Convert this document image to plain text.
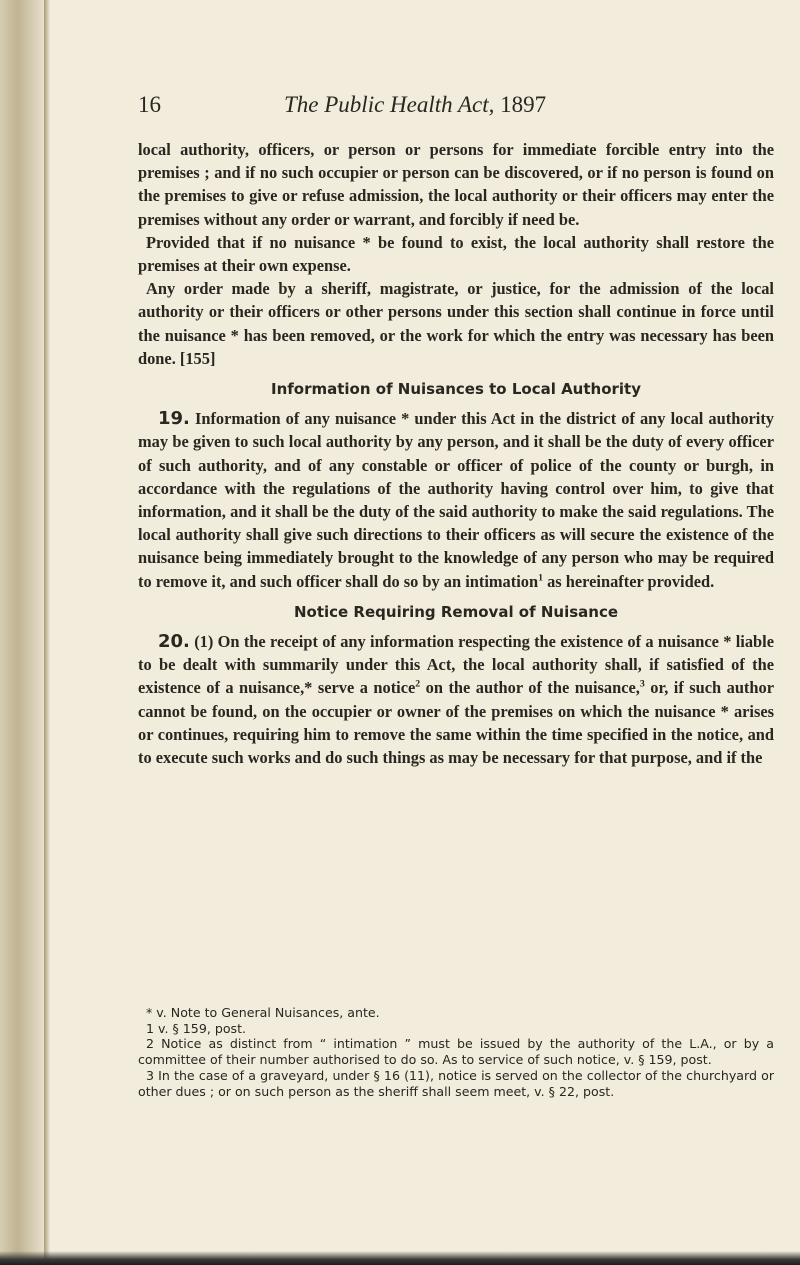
16	The Public Health Act, 1897

local authority, officers, or person or persons for immediate forcible entry into the premises ; and if no such occupier or person can be discovered, or if no person is found on the premises to give or refuse admission, the local authority or their officers may enter the premises without any order or warrant, and forcibly if need be.

Provided that if no nuisance * be found to exist, the local authority shall restore the premises at their own expense.

Any order made by a sheriff, magistrate, or justice, for the admission of the local authority or their officers or other persons under this section shall continue in force until the nuisance * has been removed, or the work for which the entry was necessary has been done. [155]

Information of Nuisances to Local Authority

19. Information of any nuisance * under this Act in the district of any local authority may be given to such local authority by any person, and it shall be the duty of every officer of such authority, and of any constable or officer of police of the county or burgh, in accordance with the regulations of the authority having control over him, to give that information, and it shall be the duty of the said authority to make the said regulations. The local authority shall give such directions to their officers as will secure the existence of the nuisance being immediately brought to the knowledge of any person who may be required to remove it, and such officer shall do so by an intimation$^1$ as hereinafter provided.

Notice Requiring Removal of Nuisance

20. (1) On the receipt of any information respecting the existence of a nuisance * liable to be dealt with summarily under this Act, the local authority shall, if satisfied of the existence of a nuisance,* serve a notice$^2$ on the author of the nuisance,$^3$ or, if such author cannot be found, on the occupier or owner of the premises on which the nuisance * arises or continues, requiring him to remove the same within the time specified in the notice, and to execute such works and do such things as may be necessary for that purpose, and if the

* v. Note to General Nuisances, ante.

1 v. § 159, post.

2 Notice as distinct from “ intimation ” must be issued by the authority of the L.A., or by a committee of their number authorised to do so. As to service of such notice, v. § 159, post.

3 In the case of a graveyard, under § 16 (11), notice is served on the collector of the churchyard or other dues ; or on such person as the sheriff shall seem meet, v. § 22, post.
